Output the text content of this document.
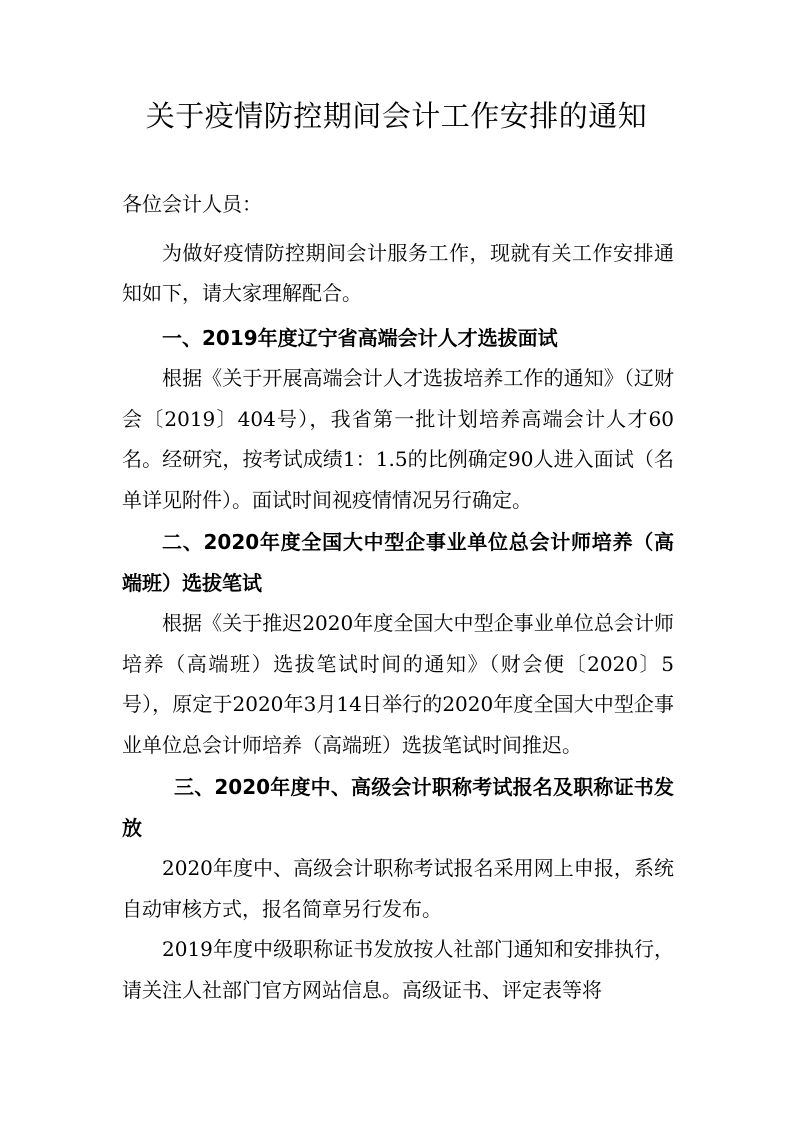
关于疫情防控期间会计工作安排的通知

各位会计人员：

为做好疫情防控期间会计服务工作，现就有关工作安排通知如下，请大家理解配合。

一、2019年度辽宁省高端会计人才选拔面试

根据《关于开展高端会计人才选拔培养工作的通知》（辽财会〔2019〕404号），我省第一批计划培养高端会计人才60名。经研究，按考试成绩1：1.5的比例确定90人进入面试（名单详见附件）。面试时间视疫情情况另行确定。

二、2020年度全国大中型企事业单位总会计师培养（高端班）选拔笔试

根据《关于推迟2020年度全国大中型企事业单位总会计师培养（高端班）选拔笔试时间的通知》（财会便〔2020〕5号），原定于2020年3月14日举行的2020年度全国大中型企事业单位总会计师培养（高端班）选拔笔试时间推迟。

三、2020年度中、高级会计职称考试报名及职称证书发放

2020年度中、高级会计职称考试报名采用网上申报，系统自动审核方式，报名简章另行发布。

2019年度中级职称证书发放按人社部门通知和安排执行，请关注人社部门官方网站信息。高级证书、评定表等将
